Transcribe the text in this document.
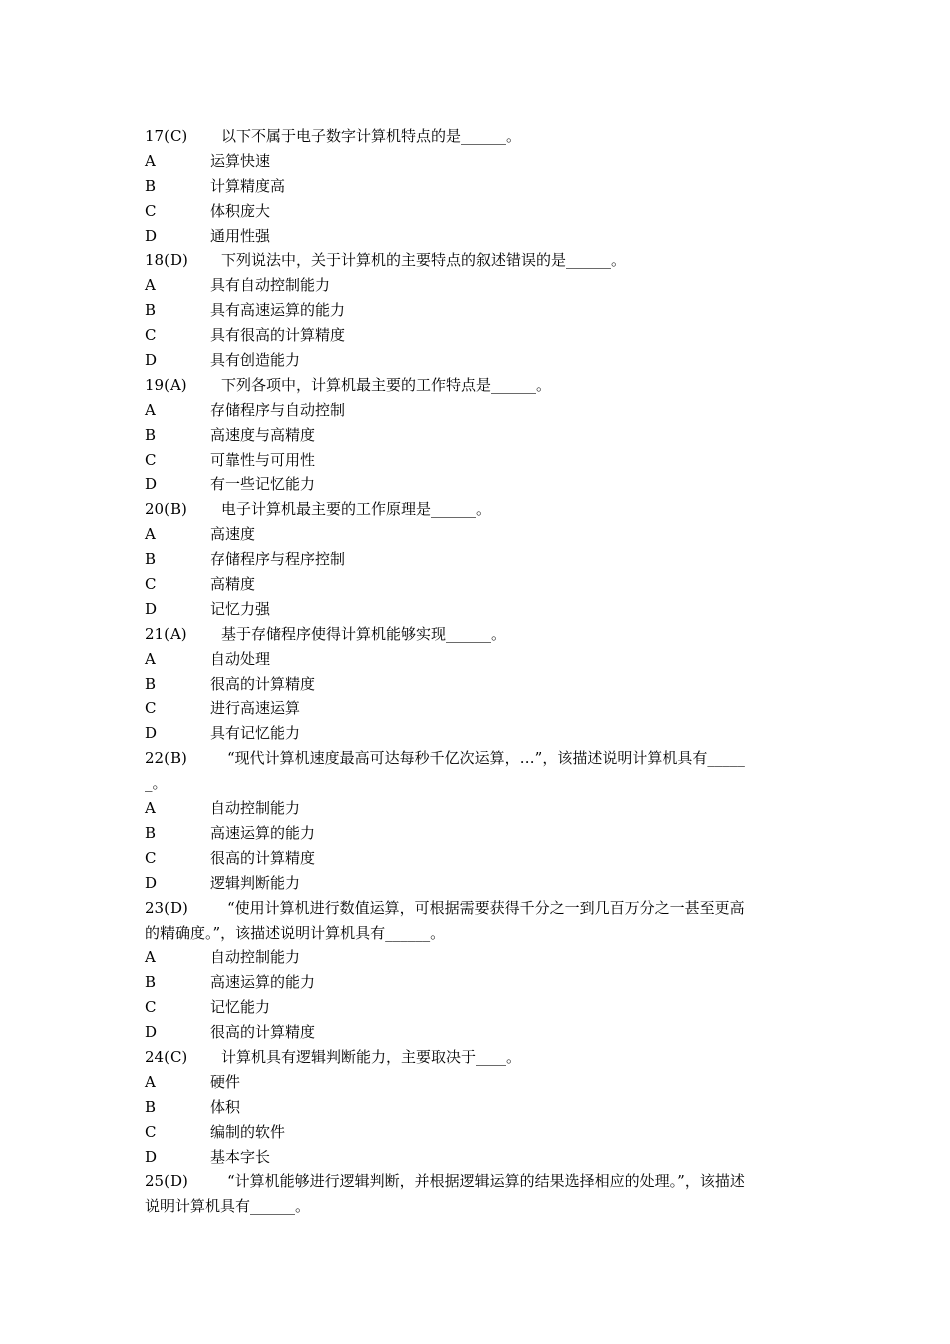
17(C)	以下不属于电子数字计算机特点的是______。
A	运算快速
B	计算精度高
C	体积庞大
D	通用性强
18(D)	下列说法中，关于计算机的主要特点的叙述错误的是______。
A	具有自动控制能力
B	具有高速运算的能力
C	具有很高的计算精度
D	具有创造能力
19(A)	下列各项中，计算机最主要的工作特点是______。
A	存储程序与自动控制
B	高速度与高精度
C	可靠性与可用性
D	有一些记忆能力
20(B)	电子计算机最主要的工作原理是______。
A	高速度
B	存储程序与程序控制
C	高精度
D	记忆力强
21(A)	基于存储程序使得计算机能够实现______。
A	自动处理
B	很高的计算精度
C	进行高速运算
D	具有记忆能力
22(B)	“现代计算机速度最高可达每秒千亿次运算，…”，该描述说明计算机具有_____
_。
A	自动控制能力
B	高速运算的能力
C	很高的计算精度
D	逻辑判断能力
23(D)	“使用计算机进行数值运算，可根据需要获得千分之一到几百万分之一甚至更高
的精确度。”，该描述说明计算机具有______。
A	自动控制能力
B	高速运算的能力
C	记忆能力
D	很高的计算精度
24(C)	计算机具有逻辑判断能力，主要取决于____。
A	硬件
B	体积
C	编制的软件
D	基本字长
25(D)	“计算机能够进行逻辑判断，并根据逻辑运算的结果选择相应的处理。”，该描述
说明计算机具有______。
